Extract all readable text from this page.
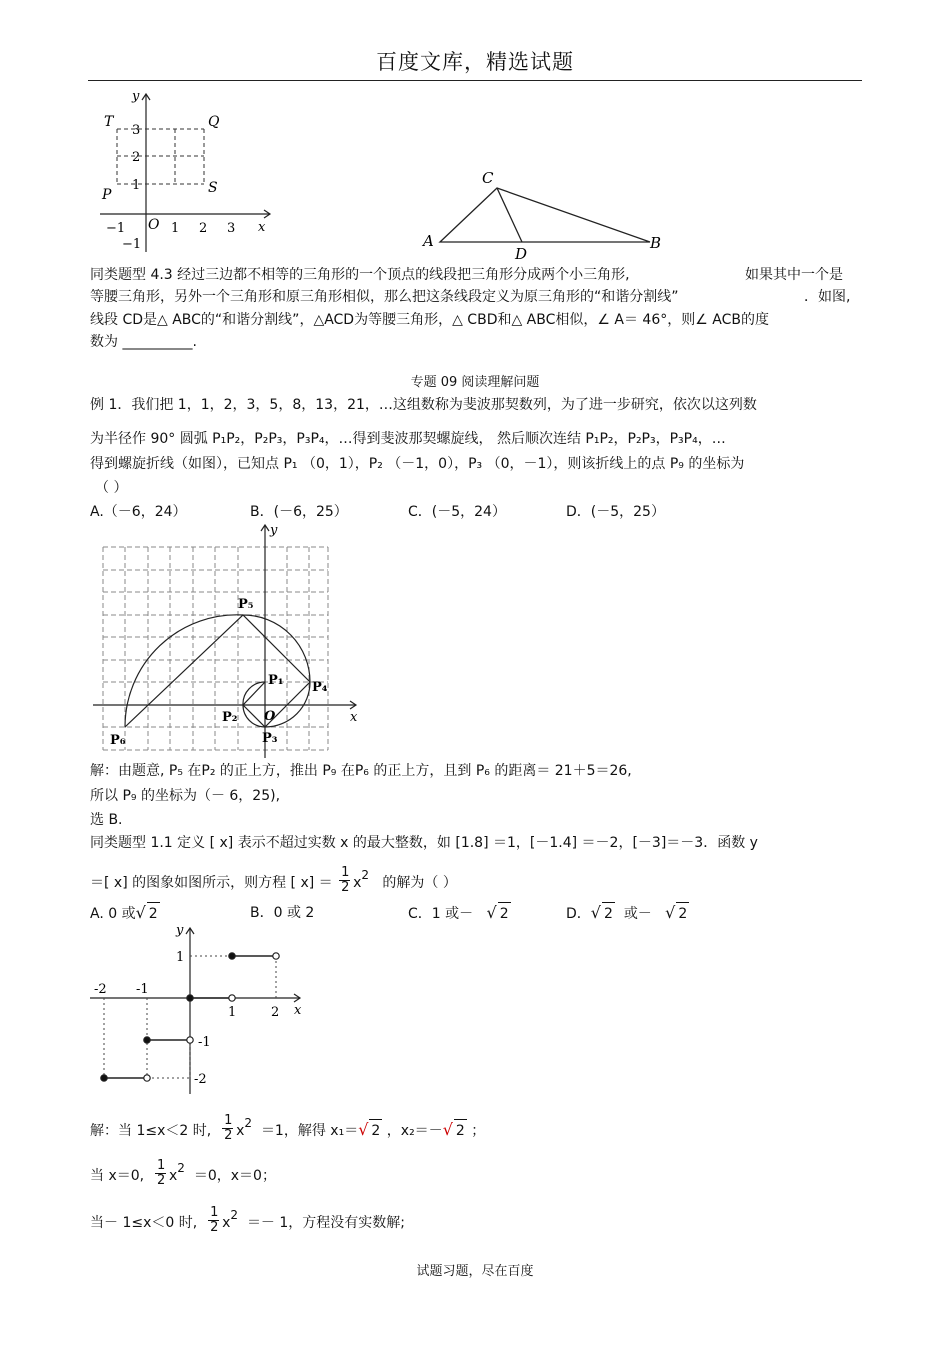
百度文库，精选试题
y
x
T	Q
P	S
O
3
2
1
−1
−1	1 2 3
C
A
D
B
同类题型 4.3 经过三边都不相等的三角形的一个顶点的线段把三角形分成两个小三角形,	如果其中一个是
等腰三角形，另外一个三角形和原三角形相似，那么把这条线段定义为原三角形的“和谐分割线”	．如图,
线段 CD是△ ABC的“和谐分割线”，△ACD为等腰三角形，△ CBD和△ ABC相似，∠ A＝ 46°，则∠ ACB的度
数为 __________.
专题 09 阅读理解问题
例 1．我们把 1，1，2，3，5，8，13，21，…这组数称为斐波那契数列，为了进一步研究，依次以这列数
为半径作 90° 圆弧 P₁P₂，P₂P₃，P₃P₄，…得到斐波那契螺旋线， 然后顺次连结 P₁P₂，P₂P₃，P₃P₄，…
得到螺旋折线（如图），已知点 P₁ （0，1），P₂ （－1，0），P₃ （0，－1），则该折线上的点 P₉ 的坐标为
（ ）
A.（－6，24）	B．(－6，25）	C．(－5，24）	D．(－5，25）
y
x
O
P₁
P₂
P₃
P₄
P₅
P₆
解：由题意, P₅ 在P₂ 的正上方，推出 P₉ 在P₆ 的正上方，且到 P₆ 的距离＝ 21＋5＝26,
所以 P₉ 的坐标为（－ 6，25),
选 B.
同类题型 1.1 定义 [ x] 表示不超过实数 x 的最大整数，如 [1.8] ＝1，[－1.4] ＝－2，[－3]＝－3．函数 y
＝[ x] 的图象如图所示，则方程 [ x] ＝
1
2 x2 的解为（ ）
A. 0 或√ 2	B．0 或 2	C．1 或－ √ 2	D．√ 2 或－ √ 2
y
x
1
-1
-2
-2
-1
1	2
解：当 1≤x＜2 时,
1
2 x2 ＝1，解得 x₁＝√ 2 ，x₂＝－√ 2 ；
当 x＝0,
1
2 x2 ＝0，x＝0；
当－ 1≤x＜0 时,
1
2 x2 ＝－ 1，方程没有实数解;
试题习题，尽在百度
